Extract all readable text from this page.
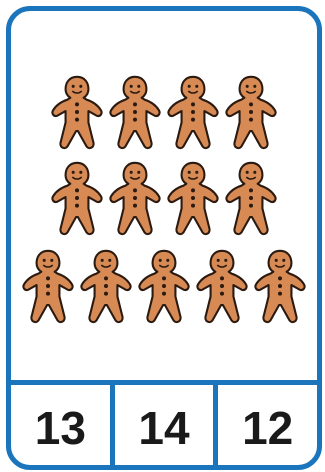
13	14	12
